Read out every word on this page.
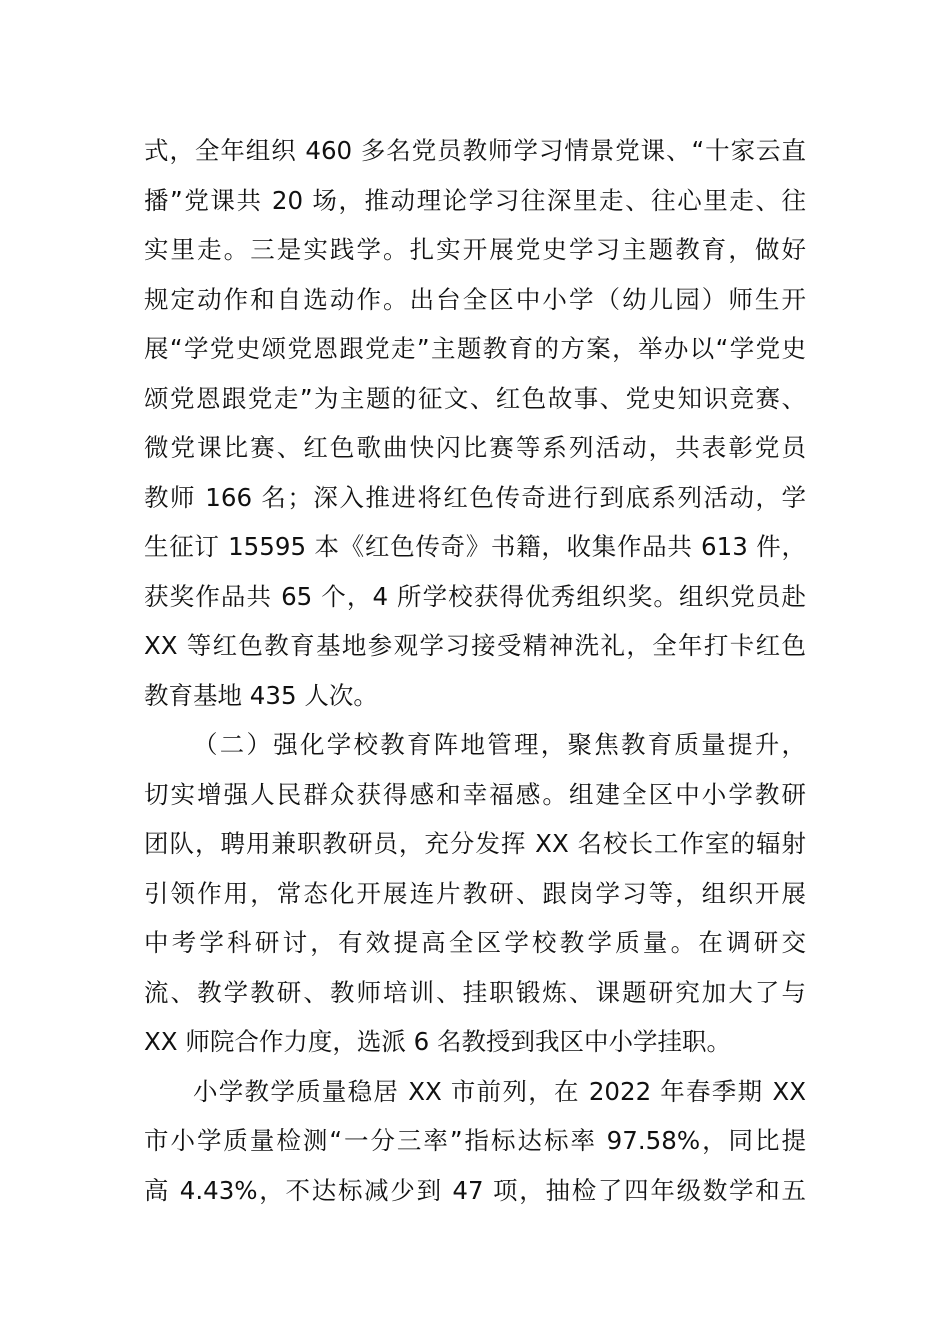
式，全年组织 460 多名党员教师学习情景党课、“十家云直
播”党课共 20 场，推动理论学习往深里走、往心里走、往
实里走。三是实践学。扎实开展党史学习主题教育，做好
规定动作和自选动作。出台全区中小学（幼儿园）师生开
展“学党史颂党恩跟党走”主题教育的方案，举办以“学党史
颂党恩跟党走”为主题的征文、红色故事、党史知识竞赛、
微党课比赛、红色歌曲快闪比赛等系列活动，共表彰党员
教师 166 名；深入推进将红色传奇进行到底系列活动，学
生征订 15595 本《红色传奇》书籍，收集作品共 613 件，
获奖作品共 65 个，4 所学校获得优秀组织奖。组织党员赴
XX 等红色教育基地参观学习接受精神洗礼，全年打卡红色
教育基地 435 人次。
（二）强化学校教育阵地管理，聚焦教育质量提升，
切实增强人民群众获得感和幸福感。组建全区中小学教研
团队，聘用兼职教研员，充分发挥 XX 名校长工作室的辐射
引领作用，常态化开展连片教研、跟岗学习等，组织开展
中考学科研讨，有效提高全区学校教学质量。在调研交
流、教学教研、教师培训、挂职锻炼、课题研究加大了与
XX 师院合作力度，选派 6 名教授到我区中小学挂职。
小学教学质量稳居 XX 市前列，在 2022 年春季期 XX
市小学质量检测“一分三率”指标达标率 97.58%，同比提
高 4.43%，不达标减少到 47 项，抽检了四年级数学和五
